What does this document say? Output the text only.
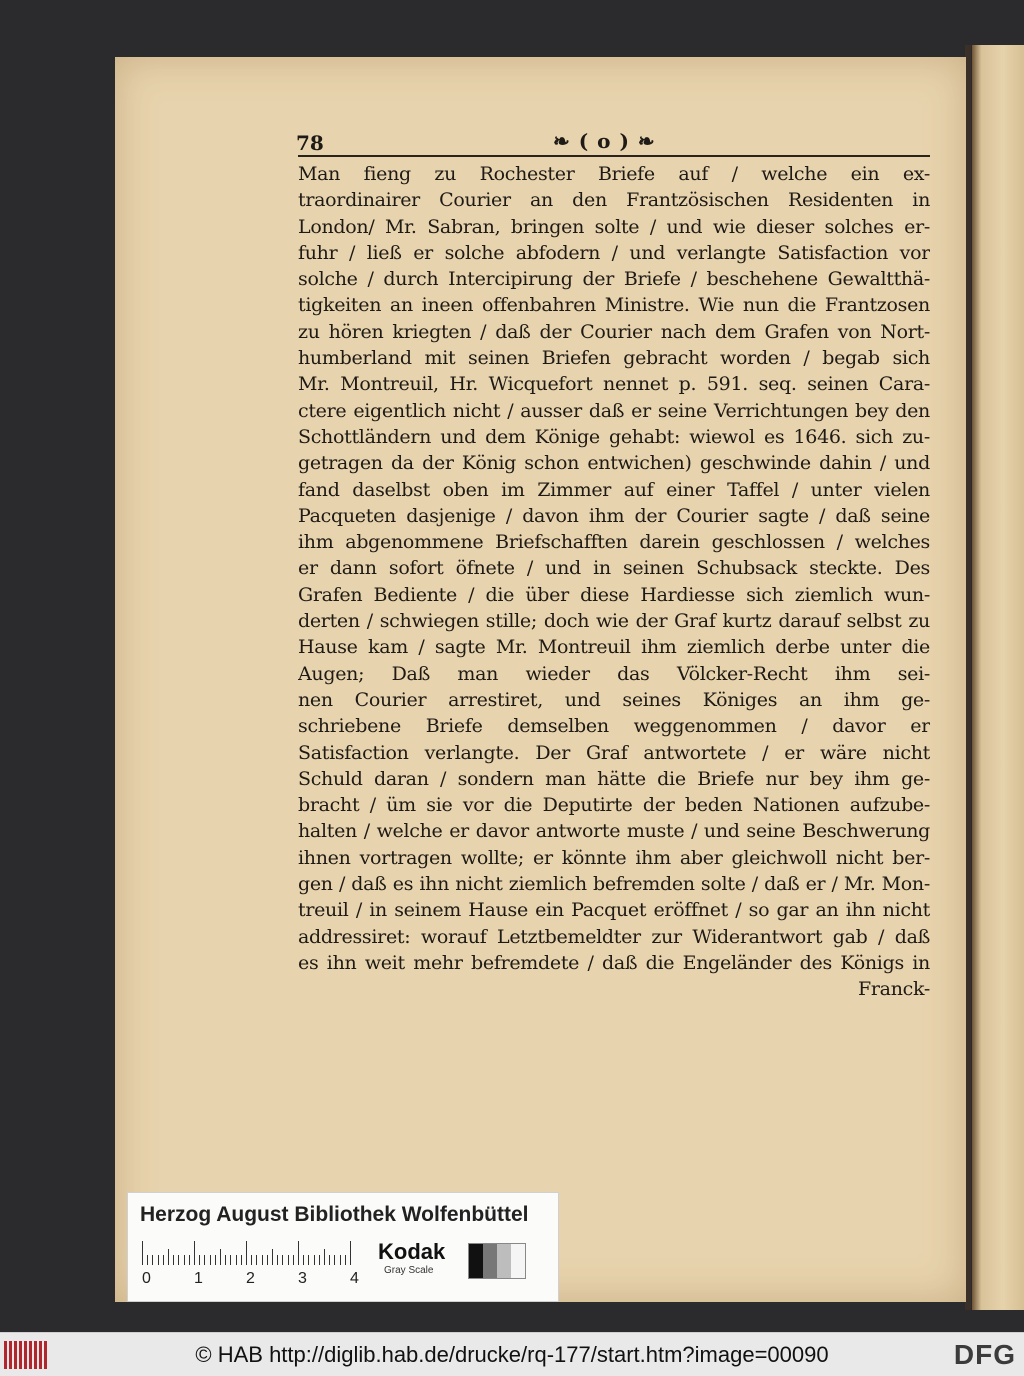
78	❧ ( o ) ❧
Man fieng zu Rochester Briefe auf / welche ein ex-
traordinairer Courier an den Frantzösischen Residenten in
London/ Mr. Sabran, bringen solte / und wie dieser solches er-
fuhr / ließ er solche abfodern / und verlangte Satisfaction vor
solche / durch Intercipirung der Briefe / beschehene Gewaltthä-
tigkeiten an ineen offenbahren Ministre. Wie nun die Frantzosen
zu hören kriegten / daß der Courier nach dem Grafen von Nort-
humberland mit seinen Briefen gebracht worden / begab sich
Mr. Montreuil, Hr. Wicquefort nennet p. 591. seq. seinen Cara-
ctere eigentlich nicht / ausser daß er seine Verrichtungen bey den
Schottländern und dem Könige gehabt: wiewol es 1646. sich zu-
getragen da der König schon entwichen) geschwinde dahin / und
fand daselbst oben im Zimmer auf einer Taffel / unter vielen
Pacqueten dasjenige / davon ihm der Courier sagte / daß seine
ihm abgenommene Briefschafften darein geschlossen / welches
er dann sofort öfnete / und in seinen Schubsack steckte. Des
Grafen Bediente / die über diese Hardiesse sich ziemlich wun-
derten / schwiegen stille; doch wie der Graf kurtz darauf selbst zu
Hause kam / sagte Mr. Montreuil ihm ziemlich derbe unter die
Augen; Daß man wieder das Völcker-Recht ihm sei-
nen Courier arrestiret, und seines Königes an ihm ge-
schriebene Briefe demselben weggenommen / davor er
Satisfaction verlangte. Der Graf antwortete / er wäre nicht
Schuld daran / sondern man hätte die Briefe nur bey ihm ge-
bracht / üm sie vor die Deputirte der beden Nationen aufzube-
halten / welche er davor antworte muste / und seine Beschwerung
ihnen vortragen wollte; er könnte ihm aber gleichwoll nicht ber-
gen / daß es ihn nicht ziemlich befremden solte / daß er / Mr. Mon-
treuil / in seinem Hause ein Pacquet eröffnet / so gar an ihn nicht
addressiret: worauf Letztbemeldter zur Widerantwort gab / daß
es ihn weit mehr befremdete / daß die Engeländer des Königs in
Franck-
Herzog August Bibliothek Wolfenbüttel
0	1	2	3	4
Kodak
Gray Scale
© HAB http://diglib.hab.de/drucke/rq-177/start.htm?image=00090	DFG
